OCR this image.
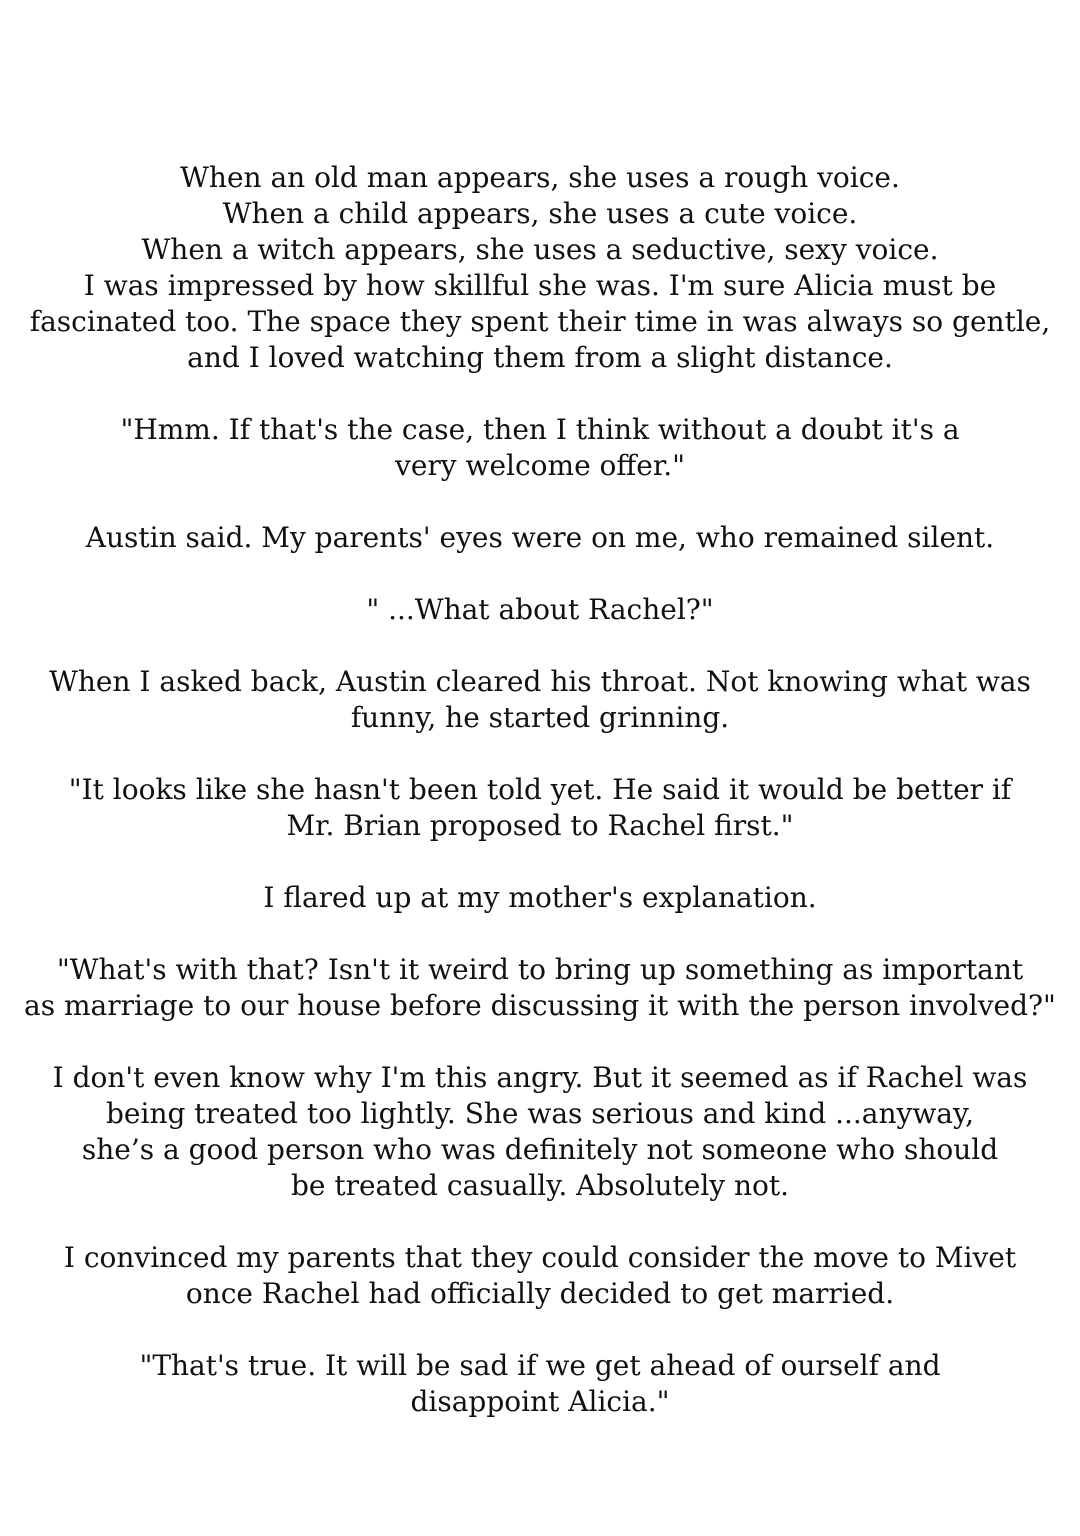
When an old man appears, she uses a rough voice.
When a child appears, she uses a cute voice.
When a witch appears, she uses a seductive, sexy voice.
I was impressed by how skillful she was. I'm sure Alicia must be
fascinated too. The space they spent their time in was always so gentle,
and I loved watching them from a slight distance.
"Hmm. If that's the case, then I think without a doubt it's a
very welcome offer."
Austin said. My parents' eyes were on me, who remained silent.
" ...What about Rachel?"
When I asked back, Austin cleared his throat. Not knowing what was
funny, he started grinning.
"It looks like she hasn't been told yet. He said it would be better if
Mr. Brian proposed to Rachel first."
I flared up at my mother's explanation.
"What's with that? Isn't it weird to bring up something as important
as marriage to our house before discussing it with the person involved?"
I don't even know why I'm this angry. But it seemed as if Rachel was
being treated too lightly. She was serious and kind ...anyway,
she’s a good person who was definitely not someone who should
be treated casually. Absolutely not.
I convinced my parents that they could consider the move to Mivet
once Rachel had officially decided to get married.
"That's true. It will be sad if we get ahead of ourself and
disappoint Alicia."
